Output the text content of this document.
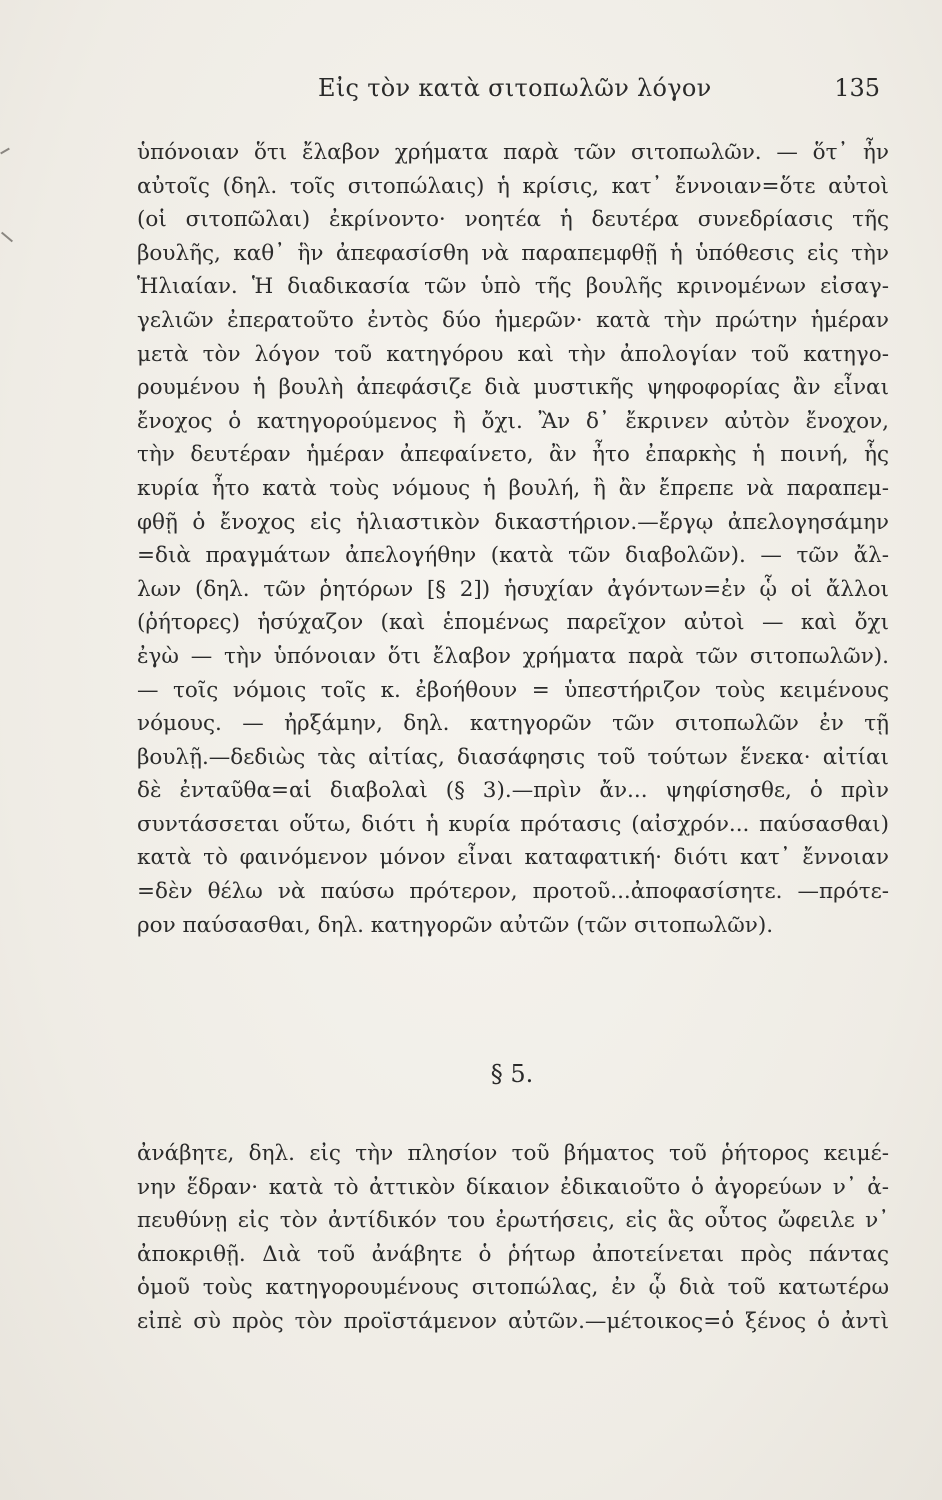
Εἰς τὸν κατὰ σιτοπωλῶν λόγον	135
ὑπόνοιαν ὅτι ἔλαβον χρήματα παρὰ τῶν σιτοπωλῶν. — ὅτ᾽ ἦν
αὐτοῖς (δηλ. τοῖς σιτοπώλαις) ἡ κρίσις, κατ᾽ ἔννοιαν=ὅτε αὐτοὶ
(οἱ σιτοπῶλαι) ἐκρίνοντο· νοητέα ἡ δευτέρα συνεδρίασις τῆς
βουλῆς, καθ᾽ ἣν ἀπεφασίσθη νὰ παραπεμφθῇ ἡ ὑπόθεσις εἰς τὴν
Ἡλιαίαν. Ἡ διαδικασία τῶν ὑπὸ τῆς βουλῆς κρινομένων εἰσαγ-
γελιῶν ἐπερατοῦτο ἐντὸς δύο ἡμερῶν· κατὰ τὴν πρώτην ἡμέραν
μετὰ τὸν λόγον τοῦ κατηγόρου καὶ τὴν ἀπολογίαν τοῦ κατηγο-
ρουμένου ἡ βουλὴ ἀπεφάσιζε διὰ μυστικῆς ψηφοφορίας ἂν εἶναι
ἔνοχος ὁ κατηγορούμενος ἢ ὄχι. Ἂν δ᾽ ἔκρινεν αὐτὸν ἔνοχον,
τὴν δευτέραν ἡμέραν ἀπεφαίνετο, ἂν ἦτο ἐπαρκὴς ἡ ποινή, ἧς
κυρία ἦτο κατὰ τοὺς νόμους ἡ βουλή, ἢ ἂν ἔπρεπε νὰ παραπεμ-
φθῇ ὁ ἔνοχος εἰς ἡλιαστικὸν δικαστήριον.—ἔργῳ ἀπελογησάμην
=διὰ πραγμάτων ἀπελογήθην (κατὰ τῶν διαβολῶν). — τῶν ἄλ-
λων (δηλ. τῶν ῥητόρων [§ 2]) ἡσυχίαν ἀγόντων=ἐν ᾧ οἱ ἄλλοι
(ῥήτορες) ἡσύχαζον (καὶ ἑπομένως παρεῖχον αὐτοὶ — καὶ ὄχι
ἐγὼ — τὴν ὑπόνοιαν ὅτι ἔλαβον χρήματα παρὰ τῶν σιτοπωλῶν).
— τοῖς νόμοις τοῖς κ. ἐβοήθουν = ὑπεστήριζον τοὺς κειμένους
νόμους. — ἠρξάμην, δηλ. κατηγορῶν τῶν σιτοπωλῶν ἐν τῇ
βουλῇ.—δεδιὼς τὰς αἰτίας, διασάφησις τοῦ τούτων ἕνεκα· αἰτίαι
δὲ ἐνταῦθα=αἱ διαβολαὶ (§ 3).—πρὶν ἄν... ψηφίσησθε, ὁ πρὶν
συντάσσεται οὕτω, διότι ἡ κυρία πρότασις (αἰσχρόν... παύσασθαι)
κατὰ τὸ φαινόμενον μόνον εἶναι καταφατική· διότι κατ᾽ ἔννοιαν
=δὲν θέλω νὰ παύσω πρότερον, προτοῦ...ἀποφασίσητε. —πρότε-
ρον παύσασθαι, δηλ. κατηγορῶν αὐτῶν (τῶν σιτοπωλῶν).
§ 5.
ἀνάβητε, δηλ. εἰς τὴν πλησίον τοῦ βήματος τοῦ ῥήτορος κειμέ-
νην ἕδραν· κατὰ τὸ ἀττικὸν δίκαιον ἐδικαιοῦτο ὁ ἀγορεύων ν᾽ ἀ-
πευθύνῃ εἰς τὸν ἀντίδικόν του ἐρωτήσεις, εἰς ἃς οὗτος ὤφειλε ν᾽
ἀποκριθῇ. Διὰ τοῦ ἀνάβητε ὁ ῥήτωρ ἀποτείνεται πρὸς πάντας
ὁμοῦ τοὺς κατηγορουμένους σιτοπώλας, ἐν ᾧ διὰ τοῦ κατωτέρω
εἰπὲ σὺ πρὸς τὸν προϊστάμενον αὐτῶν.—μέτοικος=ὁ ξένος ὁ ἀντὶ
